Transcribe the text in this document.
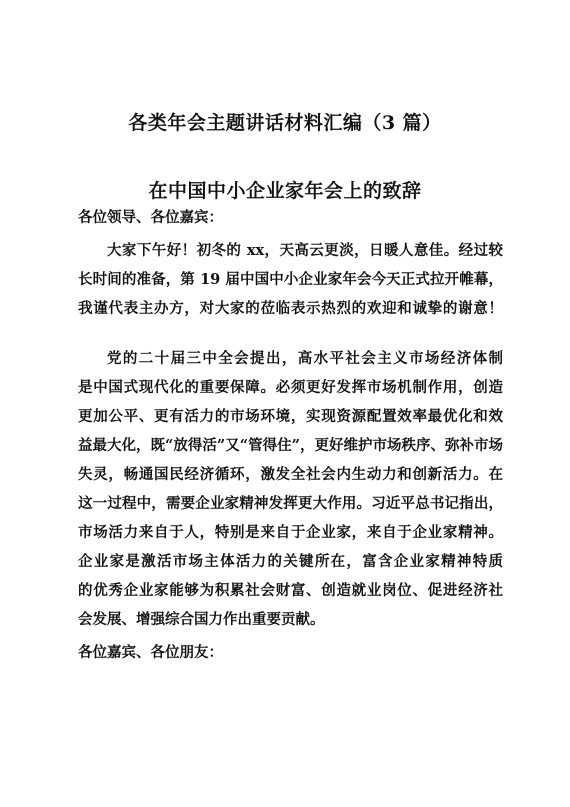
各类年会主题讲话材料汇编（3 篇）
在中国中小企业家年会上的致辞
各位领导、各位嘉宾：
大家下午好！初冬的 xx，天高云更淡，日暖人意佳。经过较
长时间的准备，第 19 届中国中小企业家年会今天正式拉开帷幕，
我谨代表主办方，对大家的莅临表示热烈的欢迎和诚挚的谢意！
党的二十届三中全会提出，高水平社会主义市场经济体制
是中国式现代化的重要保障。必须更好发挥市场机制作用，创造
更加公平、更有活力的市场环境，实现资源配置效率最优化和效
益最大化，既“放得活”又“管得住”，更好维护市场秩序、弥补市场
失灵，畅通国民经济循环，激发全社会内生动力和创新活力。在
这一过程中，需要企业家精神发挥更大作用。习近平总书记指出，
市场活力来自于人，特别是来自于企业家，来自于企业家精神。
企业家是激活市场主体活力的关键所在，富含企业家精神特质
的优秀企业家能够为积累社会财富、创造就业岗位、促进经济社
会发展、增强综合国力作出重要贡献。
各位嘉宾、各位朋友：
